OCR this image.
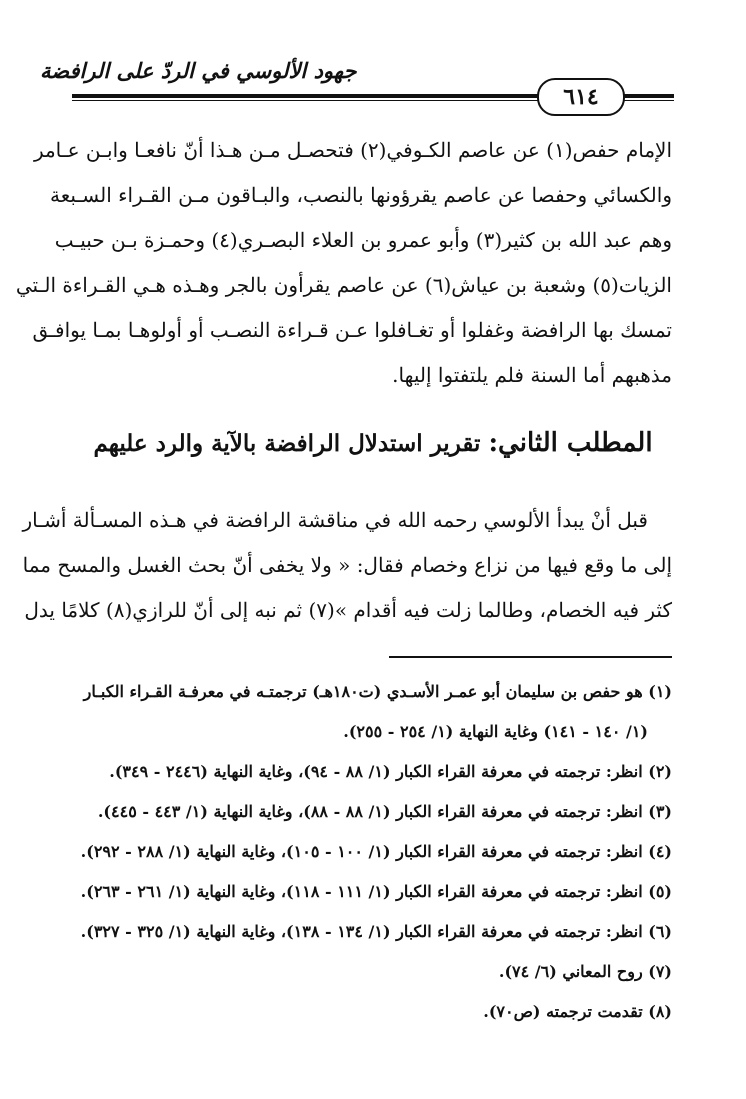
جهود الألوسي في الردّ على الرافضة
٦١٤
الإمام حفص(١) عن عاصم الكـوفي(٢) فتحصـل مـن هـذا أنّ نافعـا وابـن عـامر
والكسائي وحفصا عن عاصم يقرؤونها بالنصب، والبـاقون مـن القـراء السـبعة
وهم عبد الله بن كثير(٣) وأبو عمرو بن العلاء البصـري(٤) وحمـزة بـن حبيـب
الزيات(٥) وشعبة بن عياش(٦) عن عاصم يقرأون بالجر وهـذه هـي القـراءة الـتي
تمسك بها الرافضة وغفلوا أو تغـافلوا عـن قـراءة النصـب أو أولوهـا بمـا يوافـق
مذهبهم أما السنة فلم يلتفتوا إليها.
المطلب الثاني: تقرير استدلال الرافضة بالآية والرد عليهم
قبل أنْ يبدأ الألوسي رحمه الله في مناقشة الرافضة في هـذه المسـألة أشـار
إلى ما وقع فيها من نزاع وخصام فقال: « ولا يخفى أنّ بحث الغسل والمسح مما
كثر فيه الخصام، وطالما زلت فيه أقدام »(٧) ثم نبه إلى أنّ للرازي(٨) كلامًا يدل
(١) هو حفص بن سليمان أبو عمـر الأسـدي (ت١٨٠هـ) ترجمتـه في معرفـة القـراء الكبـار
(١/ ١٤٠ - ١٤١) وغاية النهاية (١/ ٢٥٤ - ٢٥٥).
(٢) انظر: ترجمته في معرفة القراء الكبار (١/ ٨٨ - ٩٤)، وغاية النهاية (٢٤٤٦ - ٣٤٩).
(٣) انظر: ترجمته في معرفة القراء الكبار (١/ ٨٨ - ٨٨)، وغاية النهاية (١/ ٤٤٣ - ٤٤٥).
(٤) انظر: ترجمته في معرفة القراء الكبار (١/ ١٠٠ - ١٠٥)، وغاية النهاية (١/ ٢٨٨ - ٢٩٢).
(٥) انظر: ترجمته في معرفة القراء الكبار (١/ ١١١ - ١١٨)، وغاية النهاية (١/ ٢٦١ - ٢٦٣).
(٦) انظر: ترجمته في معرفة القراء الكبار (١/ ١٣٤ - ١٣٨)، وغاية النهاية (١/ ٣٢٥ - ٣٢٧).
(٧) روح المعاني (٦/ ٧٤).
(٨) تقدمت ترجمته (ص٧٠).
